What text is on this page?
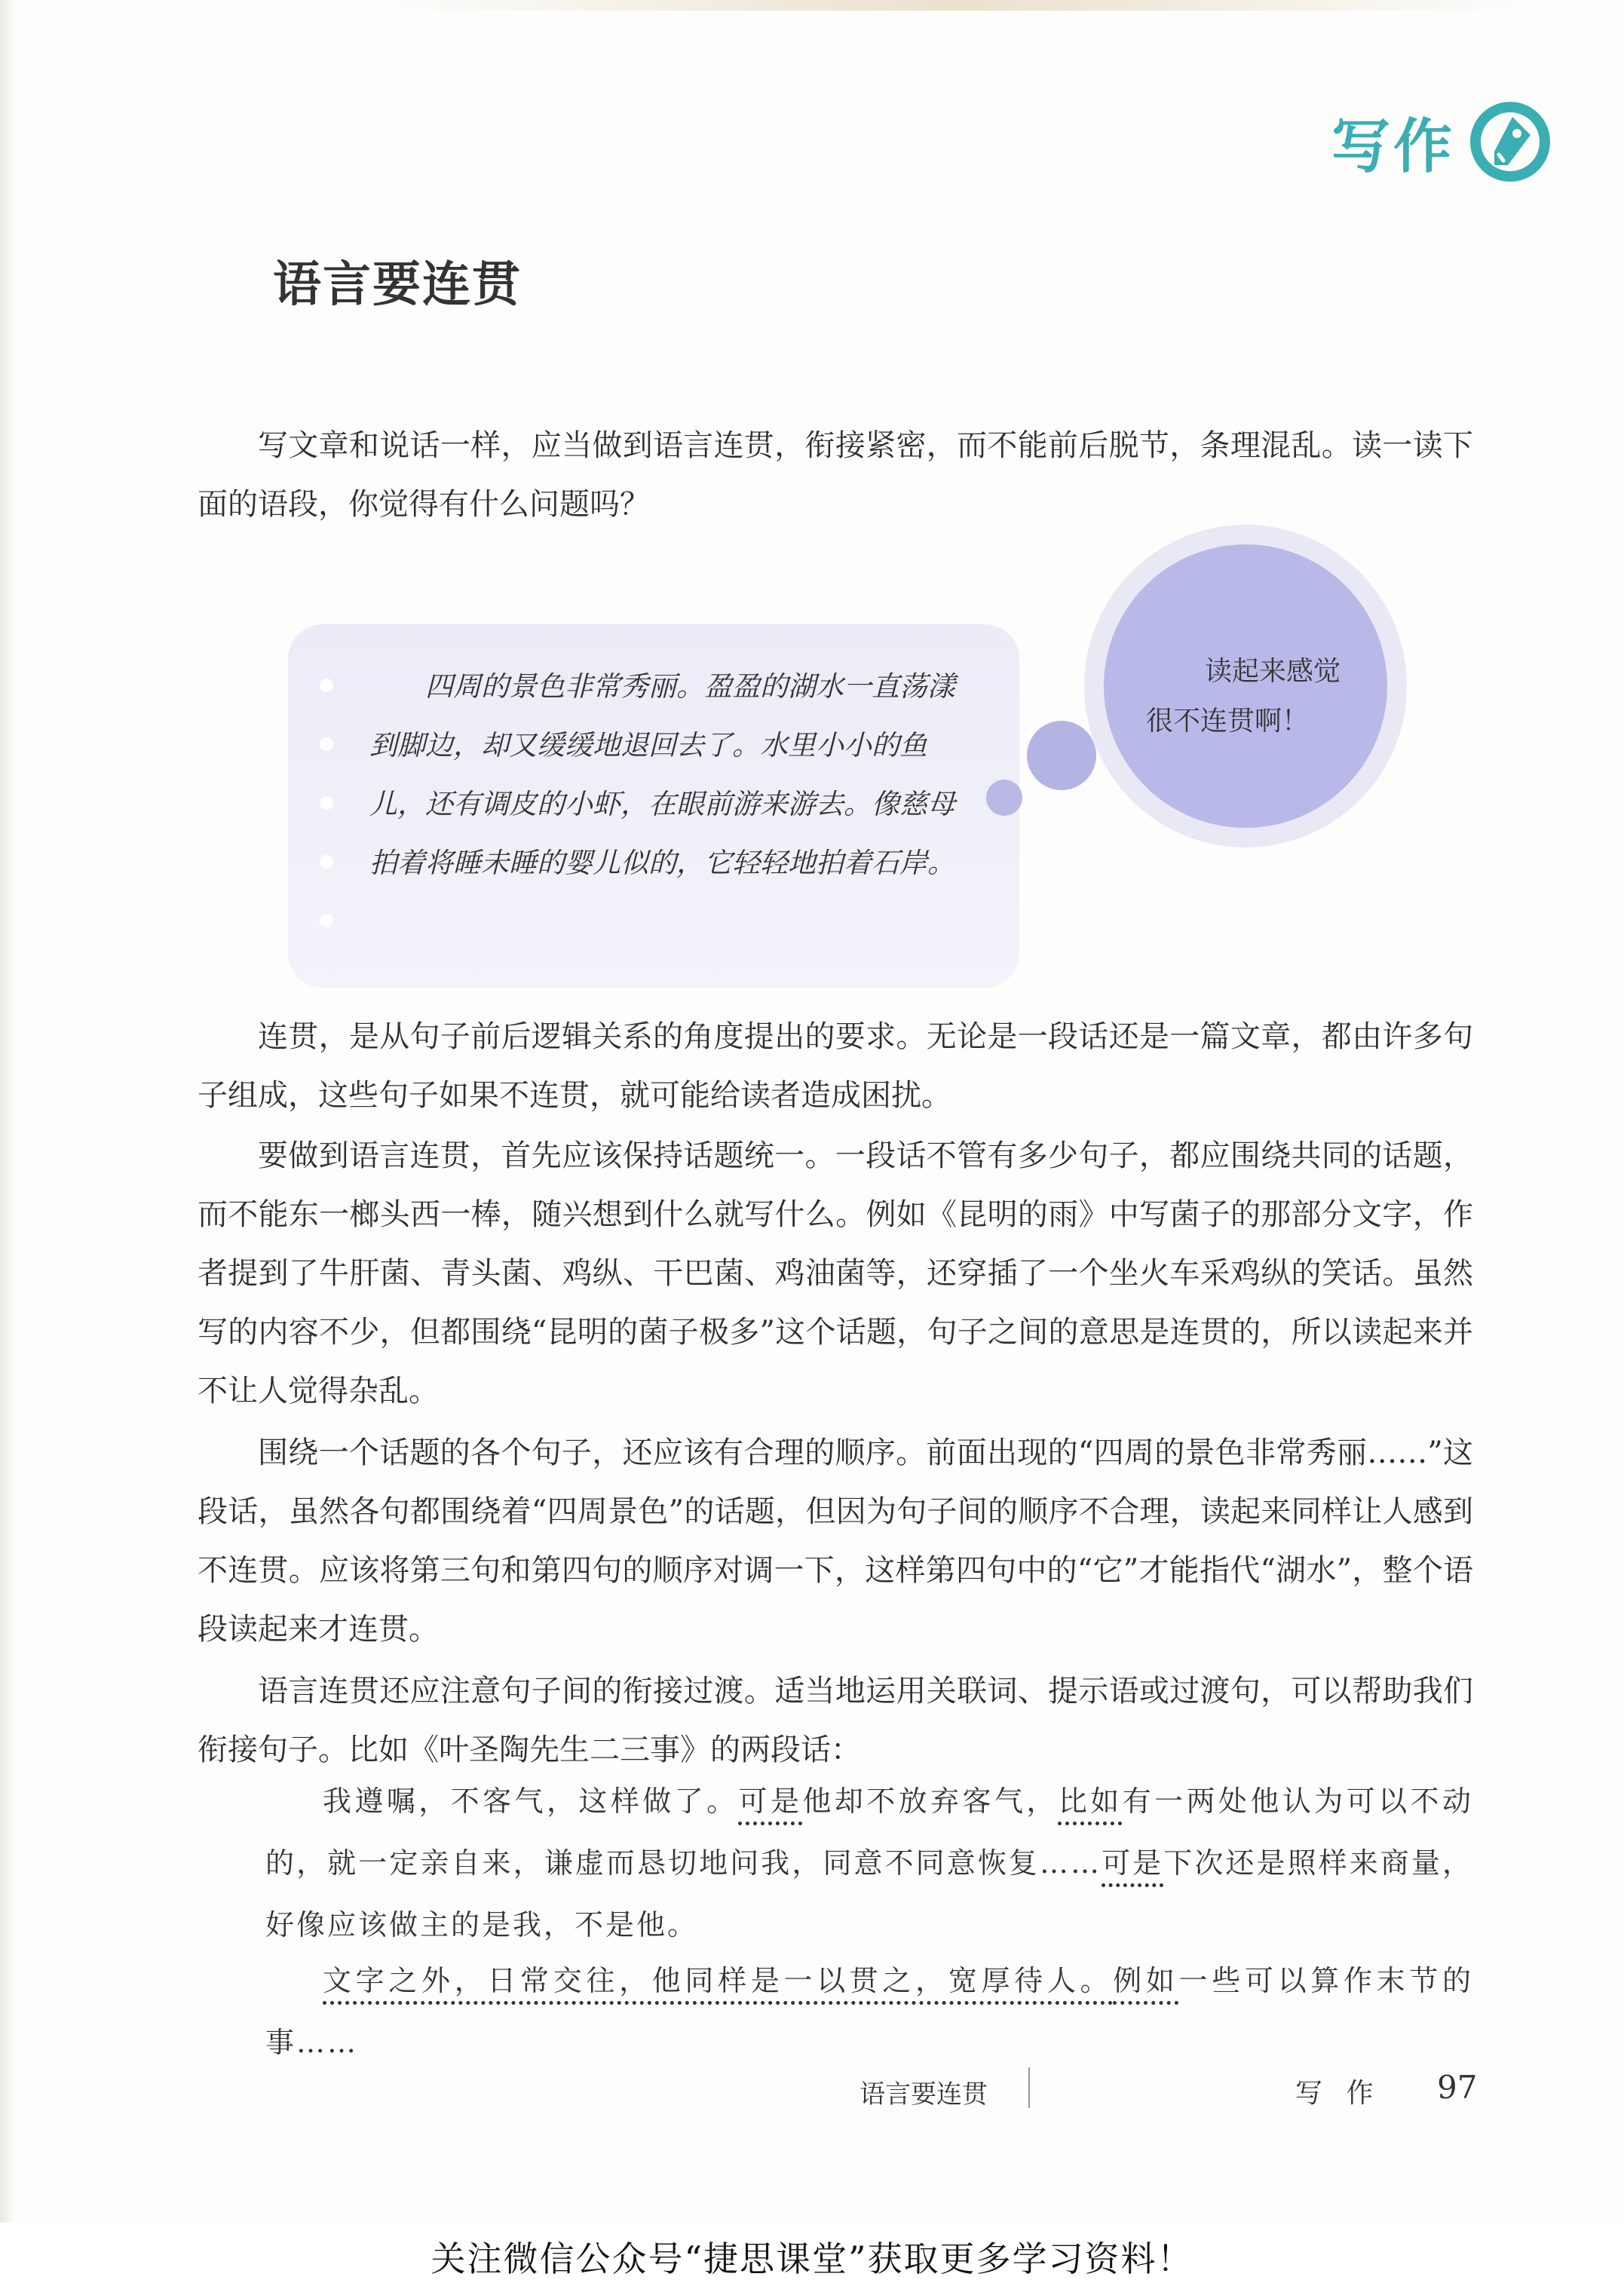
写作
语言要连贯

写文章和说话一样，应当做到语言连贯，衔接紧密，而不能前后脱节，条理混乱。读一读下面的语段，你觉得有什么问题吗？

四周的景色非常秀丽。盈盈的湖水一直荡漾到脚边，却又缓缓地退回去了。水里小小的鱼儿，还有调皮的小虾，在眼前游来游去。像慈母拍着将睡未睡的婴儿似的，它轻轻地拍着石岸。

读起来感觉
很不连贯啊！

连贯，是从句子前后逻辑关系的角度提出的要求。无论是一段话还是一篇文章，都由许多句子组成，这些句子如果不连贯，就可能给读者造成困扰。

要做到语言连贯，首先应该保持话题统一。一段话不管有多少句子，都应围绕共同的话题，而不能东一榔头西一棒，随兴想到什么就写什么。例如《昆明的雨》中写菌子的那部分文字，作者提到了牛肝菌、青头菌、鸡纵、干巴菌、鸡油菌等，还穿插了一个坐火车采鸡纵的笑话。虽然写的内容不少，但都围绕“昆明的菌子极多”这个话题，句子之间的意思是连贯的，所以读起来并不让人觉得杂乱。

围绕一个话题的各个句子，还应该有合理的顺序。前面出现的“四周的景色非常秀丽……”这段话，虽然各句都围绕着“四周景色”的话题，但因为句子间的顺序不合理，读起来同样让人感到不连贯。应该将第三句和第四句的顺序对调一下，这样第四句中的“它”才能指代“湖水”，整个语段读起来才连贯。

语言连贯还应注意句子间的衔接过渡。适当地运用关联词、提示语或过渡句，可以帮助我们衔接句子。比如《叶圣陶先生二三事》的两段话：

我遵嘱，不客气，这样做了。可是他却不放弃客气，比如有一两处他认为可以不动的，就一定亲自来，谦虚而恳切地问我，同意不同意恢复……可是下次还是照样来商量，好像应该做主的是我，不是他。

文字之外，日常交往，他同样是一以贯之，宽厚待人。例如一些可以算作末节的事……

语言要连贯	写 作 97
关注微信公众号“捷思课堂”获取更多学习资料！
